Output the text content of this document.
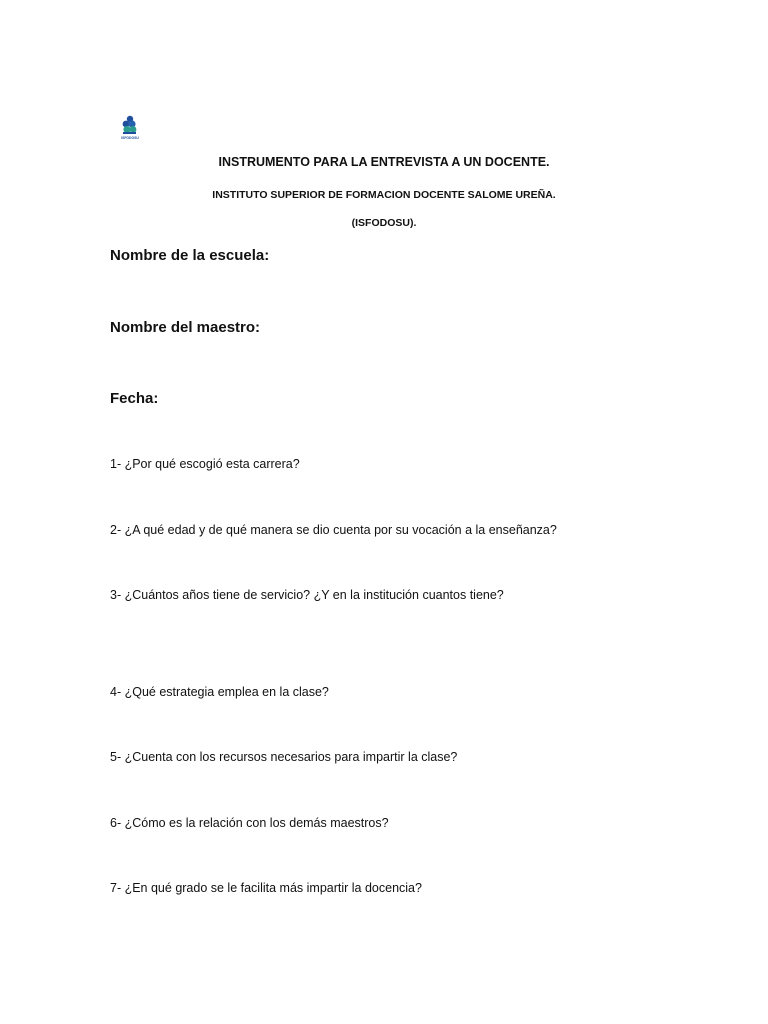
ISFODOSU

INSTRUMENTO PARA LA ENTREVISTA A UN DOCENTE.

INSTITUTO SUPERIOR DE FORMACION DOCENTE SALOME UREÑA.

(ISFODOSU).

Nombre de la escuela:

Nombre del maestro:

Fecha:

1- ¿Por qué escogió esta carrera?

2- ¿A qué edad y de qué manera se dio cuenta por su vocación a la enseñanza?

3- ¿Cuántos años tiene de servicio? ¿Y en la institución cuantos tiene?

4- ¿Qué estrategia emplea en la clase?

5- ¿Cuenta con los recursos necesarios para impartir la clase?

6- ¿Cómo es la relación con los demás maestros?

7- ¿En qué grado se le facilita más impartir la docencia?
